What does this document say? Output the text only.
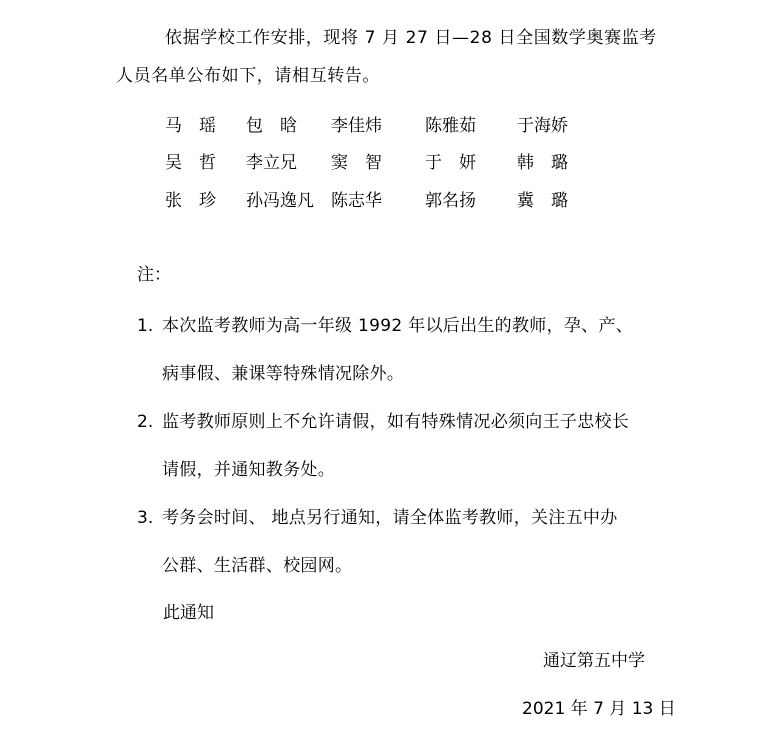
依据学校工作安排，现将 7 月 27 日—28 日全国数学奥赛监考
人员名单公布如下，请相互转告。
马　瑶 包　晗 李佳炜	陈雅茹 于海娇
吴　哲 李立兄 窦　智	于　妍 韩　璐
张　珍 孙冯逸凡 陈志华	郭名扬 冀　璐
注：
1. 本次监考教师为高一年级 1992 年以后出生的教师，孕、产、
病事假、兼课等特殊情况除外。
2. 监考教师原则上不允许请假，如有特殊情况必须向王子忠校长
请假，并通知教务处。
3. 考务会时间、 地点另行通知，请全体监考教师，关注五中办
公群、生活群、校园网。
此通知
通辽第五中学
2021 年 7 月 13 日
